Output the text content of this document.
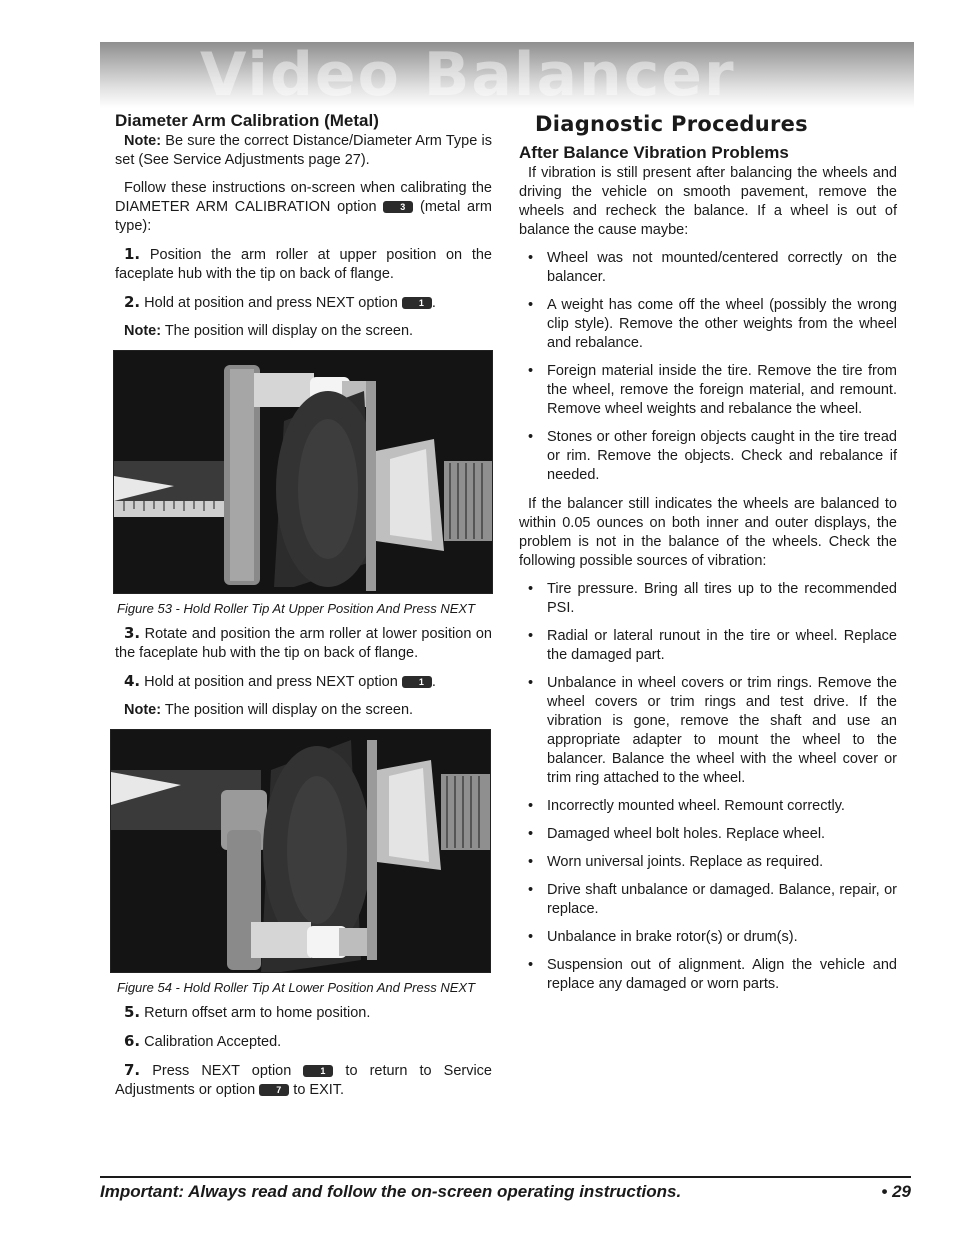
Video Balancer
Diameter Arm Calibration (Metal)

Note: Be sure the correct Distance/Diameter Arm Type is set (See Service Adjustments page 27).

Follow these instructions on-screen when calibrating the DIAMETER ARM CALIBRATION option 3 (metal arm type):

1. Position the arm roller at upper position on the faceplate hub with the tip on back of flange.

2. Hold at position and press NEXT option 1 .

Note: The position will display on the screen.

Figure 53 - Hold Roller Tip At Upper Position And Press NEXT

3. Rotate and position the arm roller at lower position on the faceplate hub with the tip on back of flange.

4. Hold at position and press NEXT option 1 .

Note: The position will display on the screen.

Figure 54 - Hold Roller Tip At Lower Position And Press NEXT

5. Return offset arm to home position.

6. Calibration Accepted.

7. Press NEXT option 1 to return to Service Adjustments or option 7 to EXIT.

Diagnostic Procedures
After Balance Vibration Problems

If vibration is still present after balancing the wheels and driving the vehicle on smooth pavement, remove the wheels and recheck the balance. If a wheel is out of balance the cause maybe:

• Wheel was not mounted/centered correctly on the balancer.
• A weight has come off the wheel (possibly the wrong clip style). Remove the other weights from the wheel and rebalance.
• Foreign material inside the tire. Remove the tire from the wheel, remove the foreign material, and remount. Remove wheel weights and rebalance the wheel.
• Stones or other foreign objects caught in the tire tread or rim. Remove the objects. Check and rebalance if needed.

If the balancer still indicates the wheels are balanced to within 0.05 ounces on both inner and outer displays, the problem is not in the balance of the wheels. Check the following possible sources of vibration:

• Tire pressure. Bring all tires up to the recommended PSI.
• Radial or lateral runout in the tire or wheel. Replace the damaged part.
• Unbalance in wheel covers or trim rings. Remove the wheel covers or trim rings and test drive. If the vibration is gone, remove the shaft and use an appropriate adapter to mount the wheel to the balancer. Balance the wheel with the wheel cover or trim ring attached to the wheel.
• Incorrectly mounted wheel. Remount correctly.
• Damaged wheel bolt holes. Replace wheel.
• Worn universal joints. Replace as required.
• Drive shaft unbalance or damaged. Balance, repair, or replace.
• Unbalance in brake rotor(s) or drum(s).
• Suspension out of alignment. Align the vehicle and replace any damaged or worn parts.
Important: Always read and follow the on-screen operating instructions.	• 29
